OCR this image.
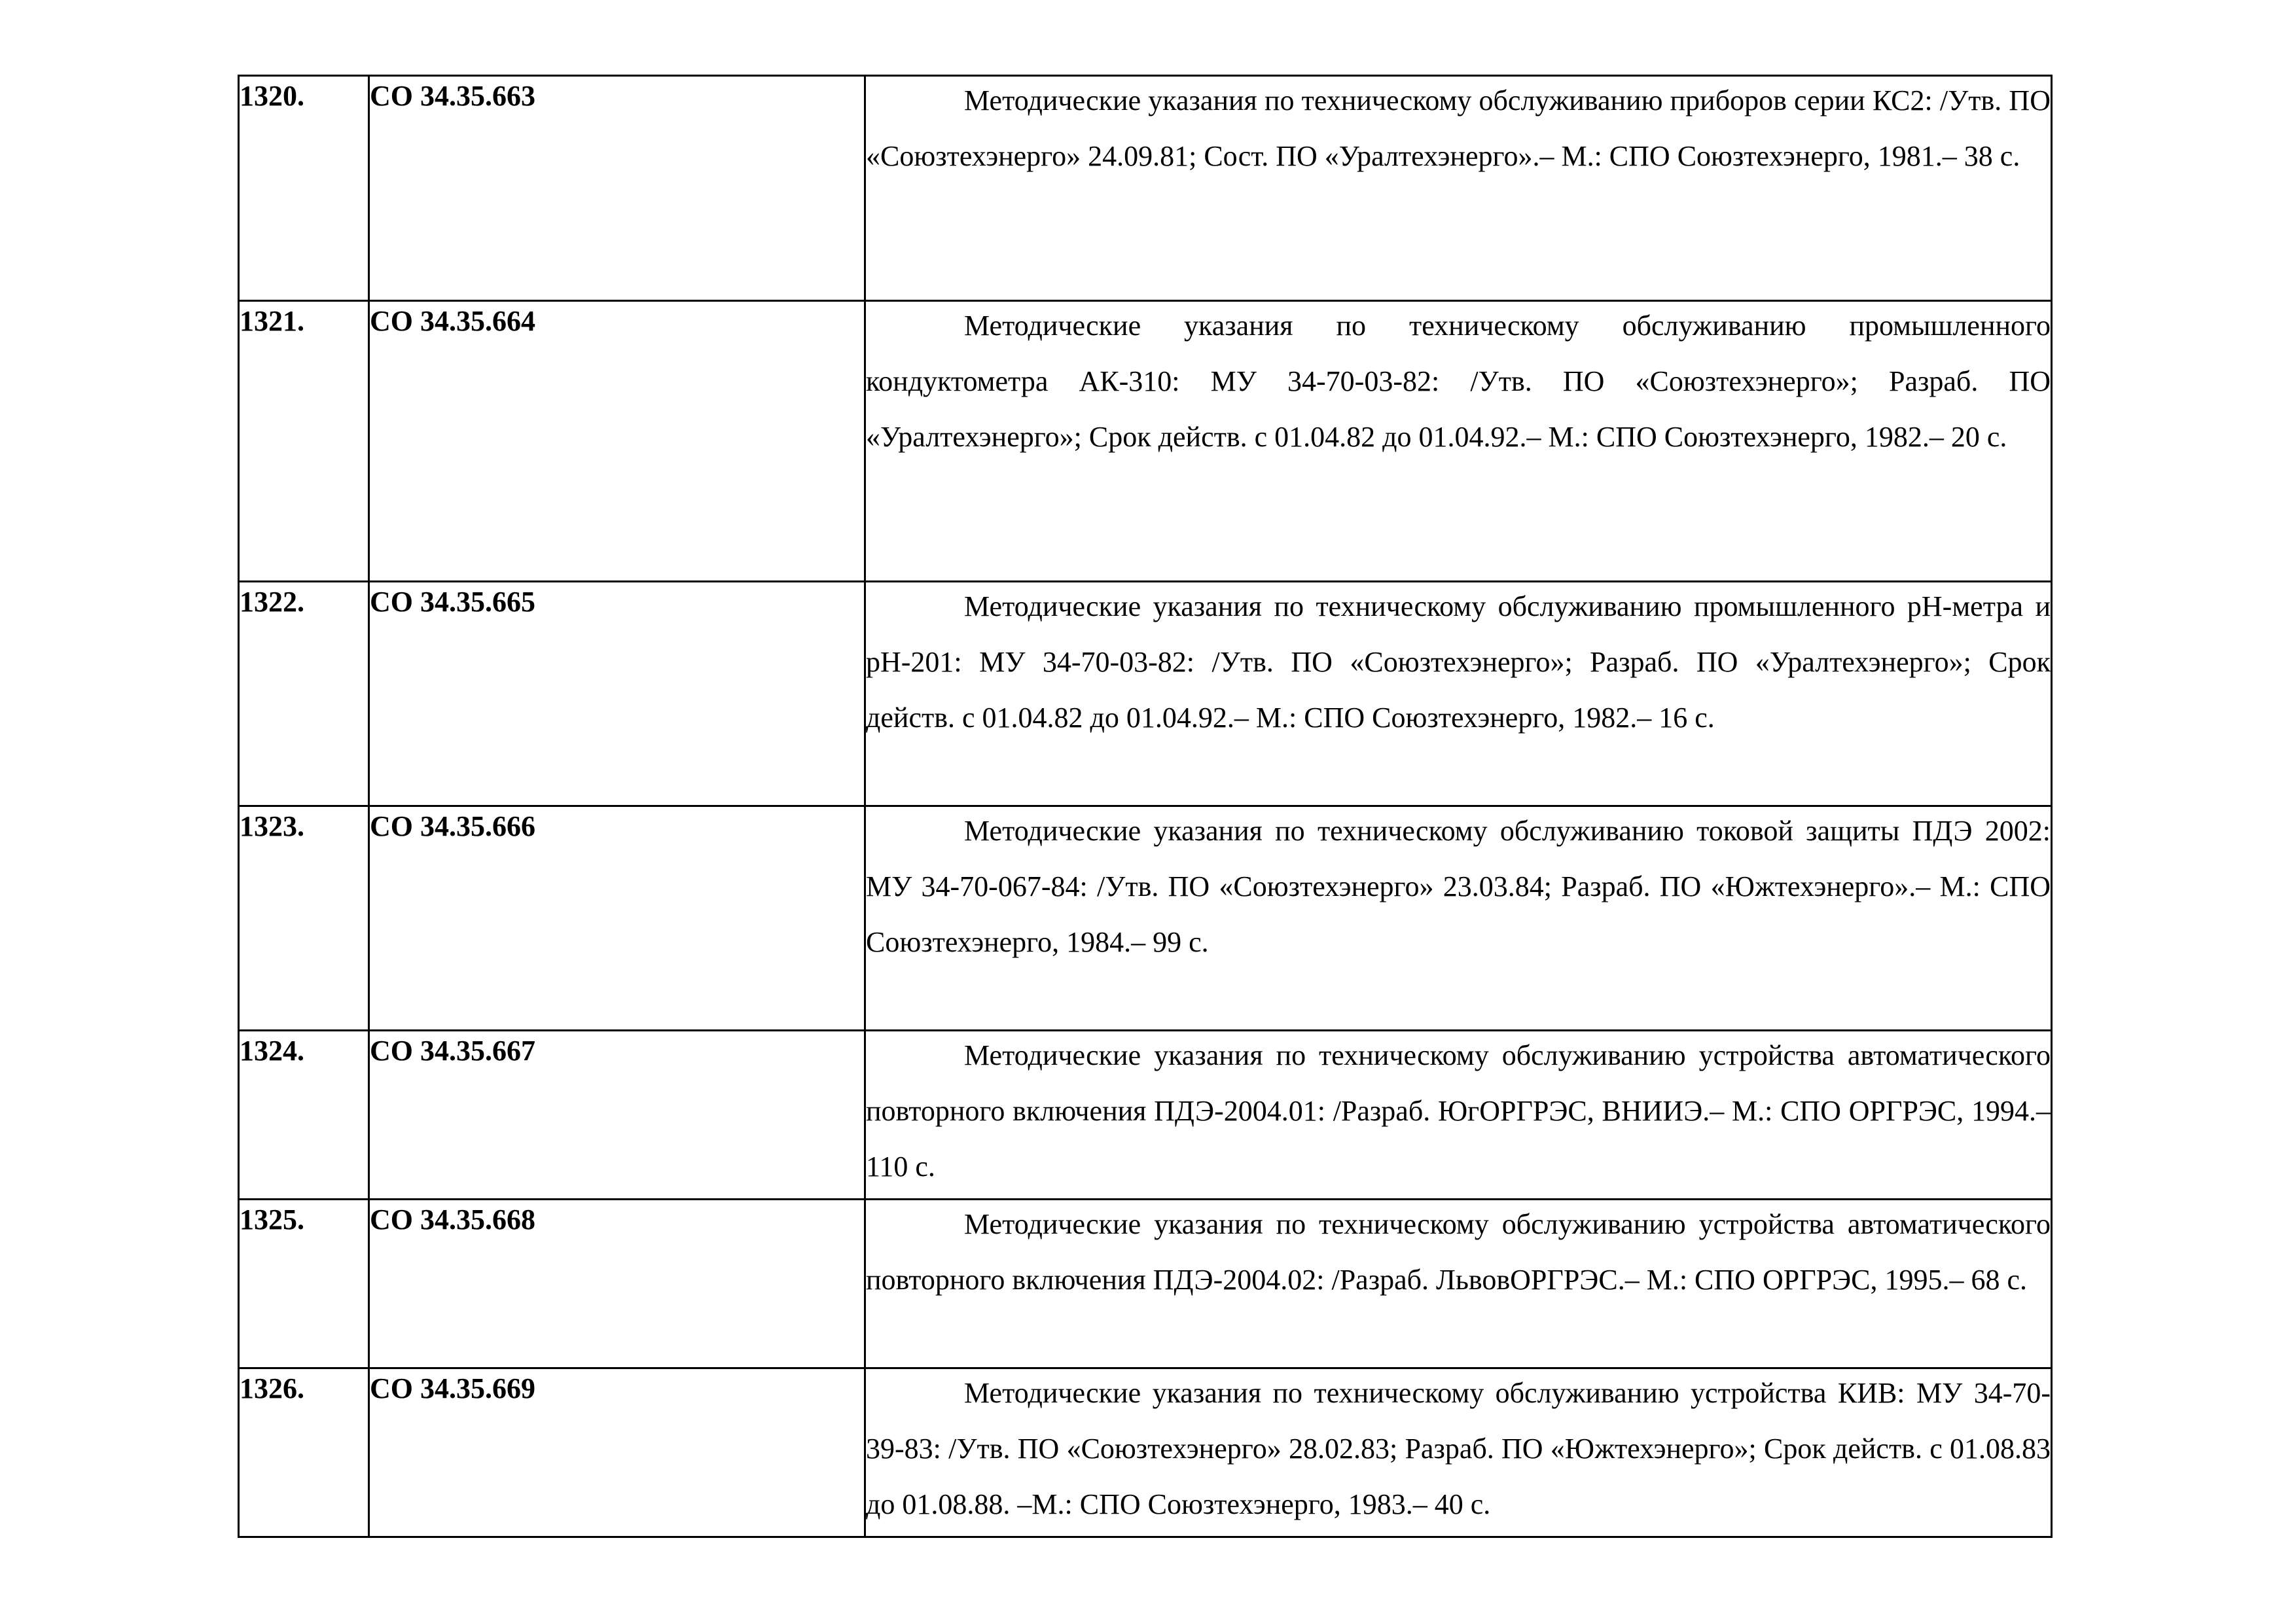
1320.	СО 34.35.663	Методические указания по техническому обслуживанию приборов серии КС2: /Утв. ПО «Союзтехэнерго» 24.09.81; Сост. ПО «Уралтехэнерго».– М.: СПО Союзтехэнерго, 1981.– 38 с.

1321.	СО 34.35.664	Методические указания по техническому обслуживанию промышленного кондуктометра АК-310: МУ 34-70-03-82: /Утв. ПО «Союзтехэнерго»; Разраб. ПО «Уралтехэнерго»; Срок действ. с 01.04.82 до 01.04.92.– М.: СПО Союзтехэнерго, 1982.– 20 с.

1322.	СО 34.35.665	Методические указания по техническому обслуживанию промышленного pH-метра и pH-201: МУ 34-70-03-82: /Утв. ПО «Союзтехэнерго»; Разраб. ПО «Уралтехэнерго»; Срок действ. с 01.04.82 до 01.04.92.– М.: СПО Союзтехэнерго, 1982.– 16 с.

1323.	СО 34.35.666	Методические указания по техническому обслуживанию токовой защиты ПДЭ 2002: МУ 34-70-067-84: /Утв. ПО «Союзтехэнерго» 23.03.84; Разраб. ПО «Южтехэнерго».– М.: СПО Союзтехэнерго, 1984.– 99 с.

1324.	СО 34.35.667	Методические указания по техническому обслуживанию устройства автоматического повторного включения ПДЭ-2004.01: /Разраб. ЮгОРГРЭС, ВНИИЭ.– М.: СПО ОРГРЭС, 1994.– 110 с.

1325.	СО 34.35.668	Методические указания по техническому обслуживанию устройства автоматического повторного включения ПДЭ-2004.02: /Разраб. ЛьвовОРГРЭС.– М.: СПО ОРГРЭС, 1995.– 68 с.

1326.	СО 34.35.669	Методические указания по техническому обслуживанию устройства КИВ: МУ 34-70-39-83: /Утв. ПО «Союзтехэнерго» 28.02.83; Разраб. ПО «Южтехэнерго»; Срок действ. с 01.08.83 до 01.08.88. –М.: СПО Союзтехэнерго, 1983.– 40 с.
